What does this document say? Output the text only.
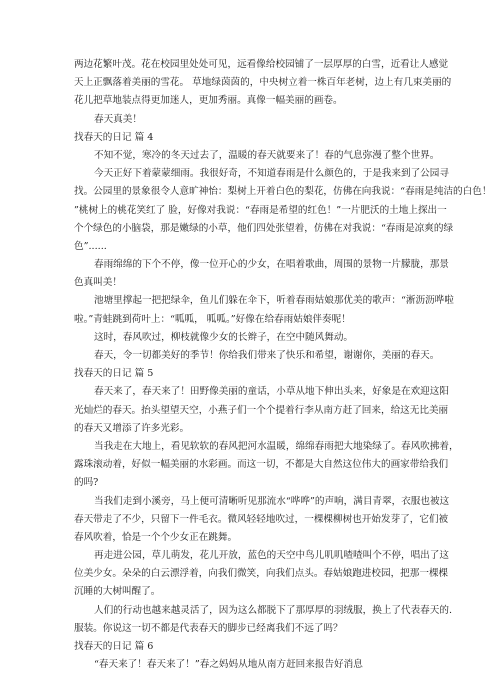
两边花繁叶茂。花在校园里处处可见，远看像给校园铺了一层厚厚的白雪，近看让人感觉
天上正飘落着美丽的雪花。 草地绿茵茵的，中央树立着一株百年老树，边上有几束美丽的
花儿把草地装点得更加迷人，更加秀丽。真像一幅美丽的画卷。
春天真美！
找春天的日记 篇 4
不知不觉，寒冷的冬天过去了，温暖的春天就要来了！春的气息弥漫了整个世界。
今天正好下着蒙蒙细雨。我很好奇，不知道春雨是什么颜色的，于是我来到了公园寻
找。公园里的景象很令人意旷神怡：梨树上开着白色的梨花，仿佛在向我说：“春雨是纯洁的白色！
”桃树上的桃花笑红了 脸，好像对我说：“春雨是希望的红色！”一片肥沃的土地上探出一
个个绿色的小脑袋，那是嫩绿的小草，他们四处张望着，仿佛在对我说：“春雨是凉爽的绿
色”......
春雨绵绵的下个不停，像一位开心的少女，在唱着歌曲，周围的景物一片朦胧，那景
色真叫美！
池塘里撑起一把把绿伞，鱼儿们躲在伞下，听着春雨姑娘那优美的歌声：“淅沥沥哗啦
啦。”青蛙跳到荷叶上：“呱呱， 呱呱。”好像在给春雨姑娘伴奏呢！
这时，春风吹过，柳枝就像少女的长辫子，在空中随风舞动。
春天，令一切都美好的季节！你给我们带来了快乐和希望，谢谢你，美丽的春天。
找春天的日记 篇 5
春天来了，春天来了！田野像美丽的童话，小草从地下伸出头来，好象是在欢迎这阳
光灿烂的春天。抬头望望天空，小燕子们一个个提着行李从南方赶了回来，给这无比美丽
的春天又增添了许多光彩。
当我走在大地上，看见软软的春风把河水温暖，绵绵春雨把大地染绿了。春风吹拂着，
露珠滚动着，好似一幅美丽的水彩画。而这一切，不都是大自然这位伟大的画家带给我们
的吗?
当我们走到小溪旁，马上便可清晰听见那流水“哗哗”的声响，满目青翠，衣服也被这
春天带走了不少，只留下一件毛衣。微风轻轻地吹过，一棵棵柳树也开始发芽了，它们被
春风吹着，恰是一个个少女正在跳舞。
再走进公园，草儿萌发，花儿开放，蓝色的天空中鸟儿叽叽喳喳叫个不停，唱出了这
位美少女。朵朵的白云漂浮着，向我们微笑，向我们点头。春姑娘跑进校园，把那一棵棵
沉睡的大树叫醒了。
人们的行动也越来越灵活了，因为这么都脱下了那厚厚的羽绒服，换上了代表春天的.
服装。你说这一切不都是代表春天的脚步已经离我们不远了吗？
找春天的日记 篇 6
“春天来了！春天来了！”春之妈妈从地从南方赶回来报告好消息
